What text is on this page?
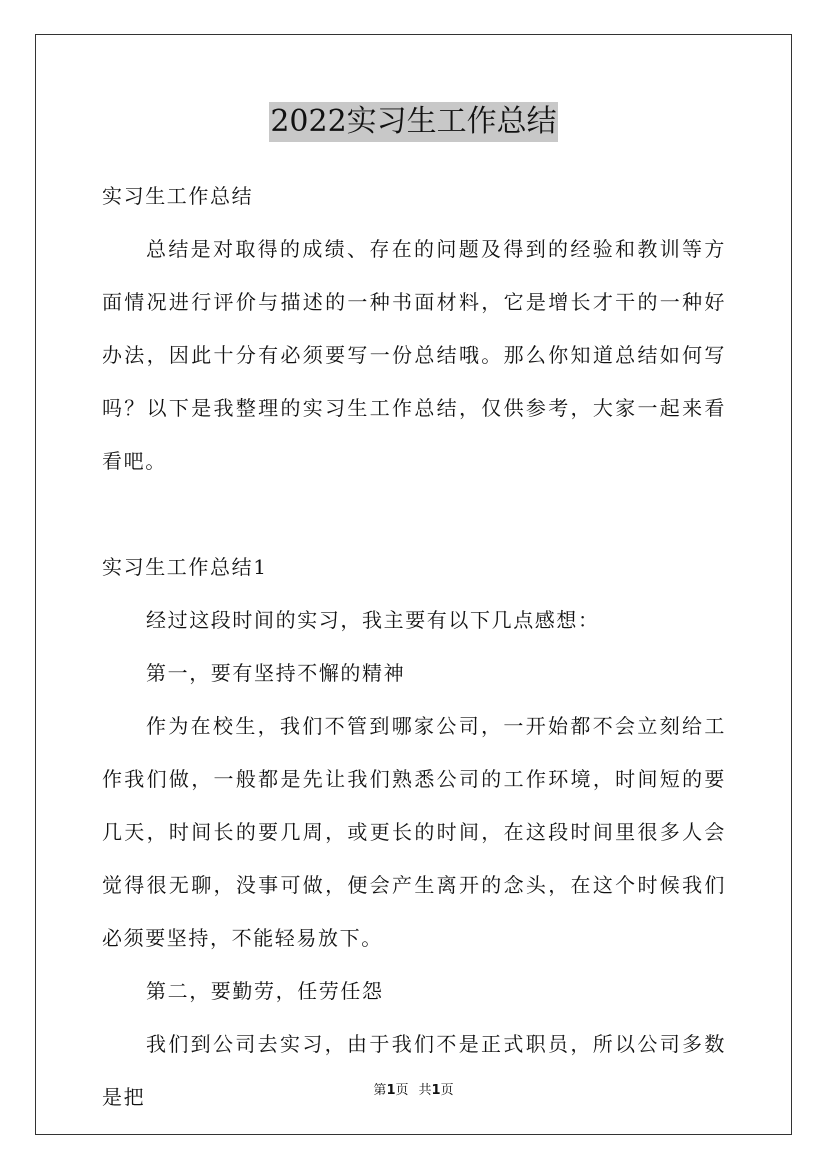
2022实习生工作总结
实习生工作总结
总结是对取得的成绩、存在的问题及得到的经验和教训等方面情况进行评价与描述的一种书面材料，它是增长才干的一种好办法，因此十分有必须要写一份总结哦。那么你知道总结如何写吗？以下是我整理的实习生工作总结，仅供参考，大家一起来看看吧。
实习生工作总结1
经过这段时间的实习，我主要有以下几点感想：
第一，要有坚持不懈的精神
作为在校生，我们不管到哪家公司，一开始都不会立刻给工作我们做，一般都是先让我们熟悉公司的工作环境，时间短的要几天，时间长的要几周，或更长的时间，在这段时间里很多人会觉得很无聊，没事可做，便会产生离开的念头，在这个时候我们必须要坚持，不能轻易放下。
第二，要勤劳，任劳任怨
我们到公司去实习，由于我们不是正式职员，所以公司多数是把	第1页 共1页
